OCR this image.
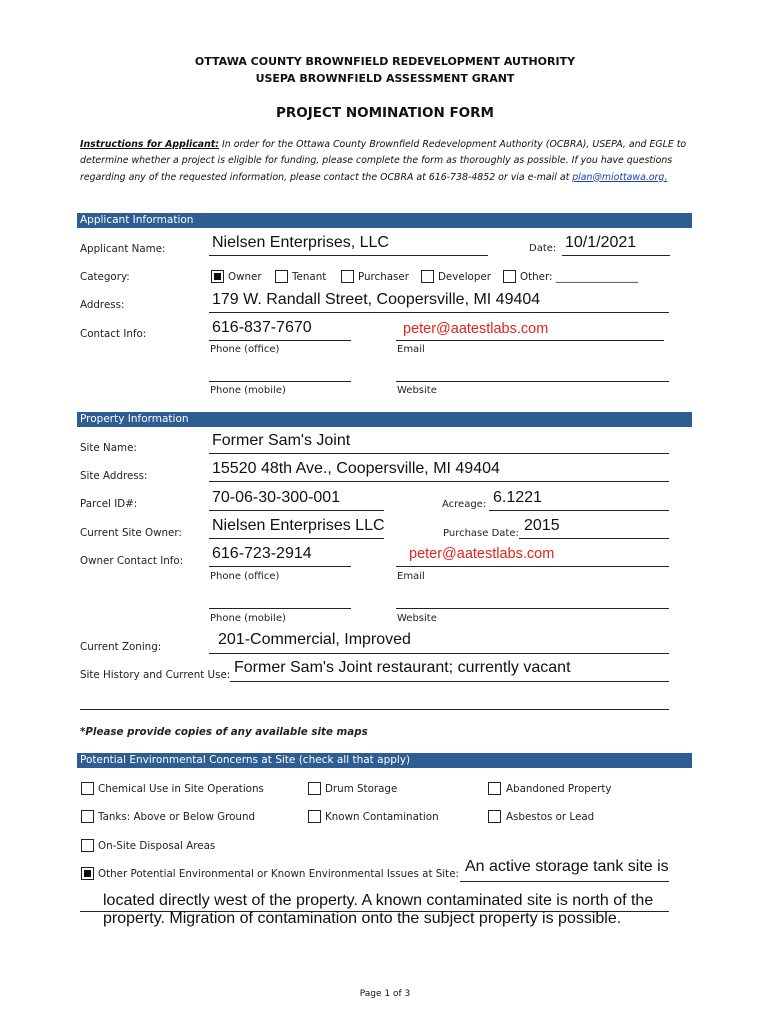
OTTAWA COUNTY BROWNFIELD REDEVELOPMENT AUTHORITY
USEPA BROWNFIELD ASSESSMENT GRANT
PROJECT NOMINATION FORM
Instructions for Applicant: In order for the Ottawa County Brownfield Redevelopment Authority (OCBRA), USEPA, and EGLE to determine whether a project is eligible for funding, please complete the form as thoroughly as possible. If you have questions regarding any of the requested information, please contact the OCBRA at 616-738-4852 or via e-mail at plan@miottawa.org.
Applicant Information
Applicant Name:	Nielsen Enterprises, LLC	Date: 10/1/2021
Category:	Owner	Tenant	Purchaser	Developer	Other: ________________
Address:	179 W. Randall Street, Coopersville, MI 49404
Contact Info:	616-837-7670	peter@aatestlabs.com
Phone (office)	Email
Phone (mobile)	Website
Property Information
Site Name:	Former Sam's Joint
Site Address:	15520 48th Ave., Coopersville, MI 49404
Parcel ID#:	70-06-30-300-001	Acreage: 6.1221
Current Site Owner: Nielsen Enterprises LLC	Purchase Date: 2015
Owner Contact Info: 616-723-2914	peter@aatestlabs.com
Phone (office)	Email
Phone (mobile)	Website
Current Zoning:	201-Commercial, Improved
Site History and Current Use: Former Sam's Joint restaurant; currently vacant
*Please provide copies of any available site maps
Potential Environmental Concerns at Site (check all that apply)
Chemical Use in Site Operations	Drum Storage	Abandoned Property
Tanks: Above or Below Ground	Known Contamination	Asbestos or Lead
On-Site Disposal Areas
Other Potential Environmental or Known Environmental Issues at Site: An active storage tank site is
located directly west of the property. A known contaminated site is north of the
property. Migration of contamination onto the subject property is possible.
Page 1 of 3
